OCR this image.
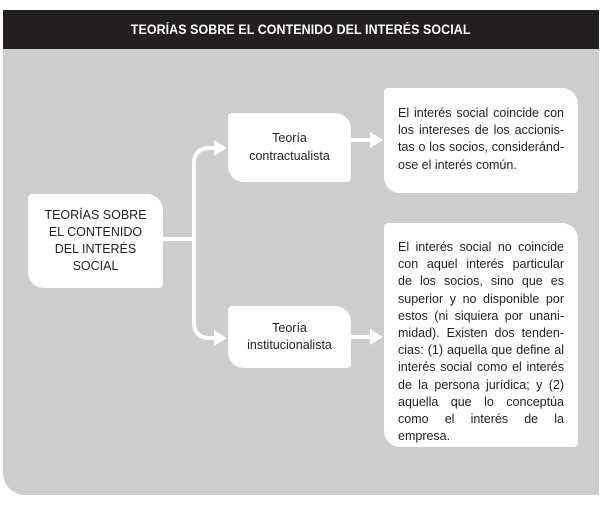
TEORÍAS SOBRE EL CONTENIDO DEL INTERÉS SOCIAL
TEORÍAS SOBRE EL CONTENIDO DEL INTERÉS SOCIAL
Teoría contractualista
Teoría institucionalista
El interés social coincide con los intereses de los accionistas o los socios, considerándose el interés común.
El interés social no coincide con aquel interés particular de los socios, sino que es superior y no disponible por estos (ni siquiera por unanimidad). Existen dos tendencias: (1) aquella que define al interés social como el interés de la persona jurídica; y (2) aquella que lo conceptúa como el interés de la empresa.
